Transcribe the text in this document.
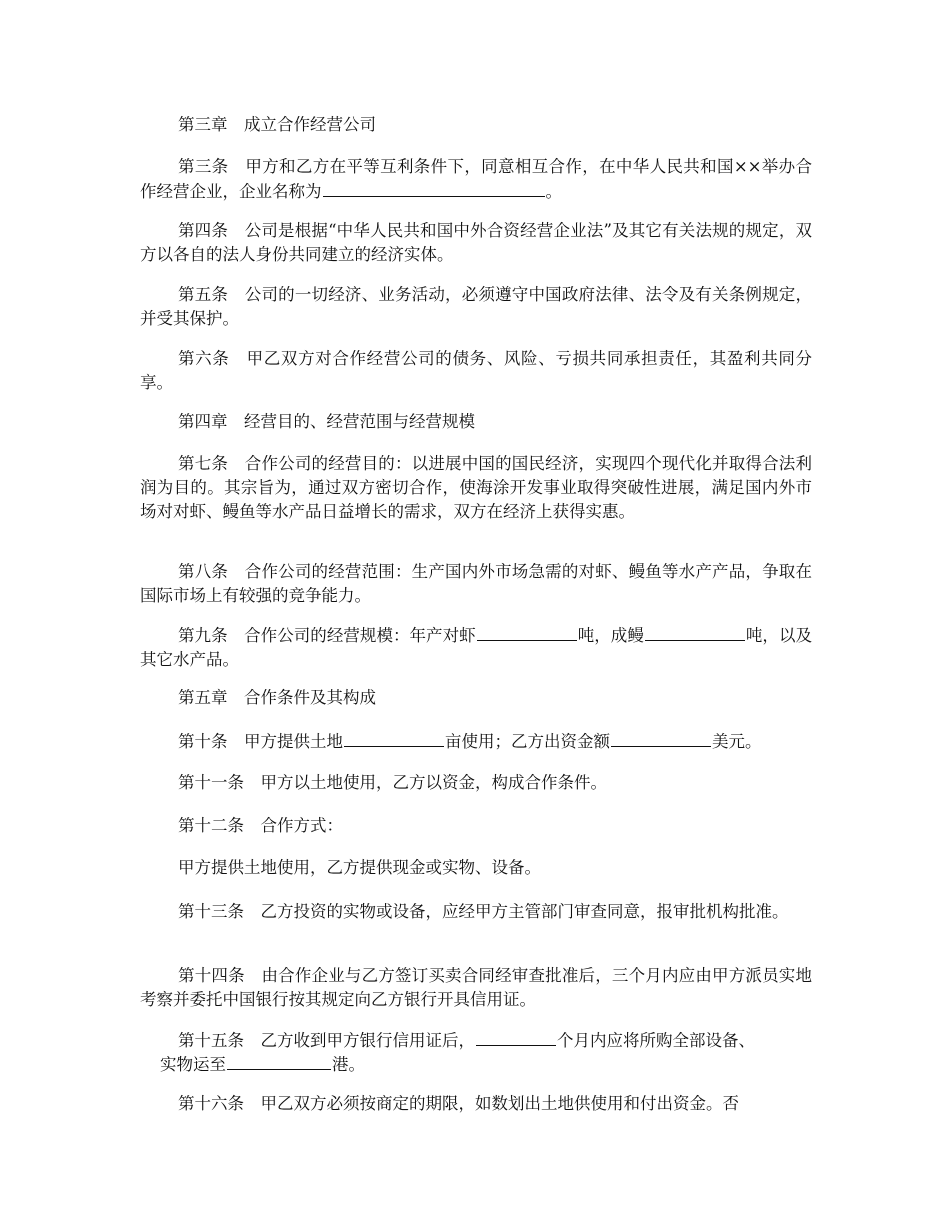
第三章　成立合作经营公司

第三条　甲方和乙方在平等互利条件下，同意相互合作，在中华人民共和国××举办合作经营企业，企业名称为	。

第四条　公司是根据“中华人民共和国中外合资经营企业法”及其它有关法规的规定，双方以各自的法人身份共同建立的经济实体。

第五条　公司的一切经济、业务活动，必须遵守中国政府法律、法令及有关条例规定，并受其保护。

第六条　甲乙双方对合作经营公司的债务、风险、亏损共同承担责任，其盈利共同分享。

第四章　经营目的、经营范围与经营规模

第七条　合作公司的经营目的：以进展中国的国民经济，实现四个现代化并取得合法利润为目的。其宗旨为，通过双方密切合作，使海涂开发事业取得突破性进展，满足国内外市场对对虾、鳗鱼等水产品日益增长的需求，双方在经济上获得实惠。

第八条　合作公司的经营范围：生产国内外市场急需的对虾、鳗鱼等水产产品，争取在国际市场上有较强的竞争能力。

第九条　合作公司的经营规模：年产对虾	吨，成鳗	吨，以及其它水产品。

第五章　合作条件及其构成

第十条　甲方提供土地	亩使用；乙方出资金额	美元。

第十一条　甲方以土地使用，乙方以资金，构成合作条件。

第十二条　合作方式：

甲方提供土地使用，乙方提供现金或实物、设备。

第十三条　乙方投资的实物或设备，应经甲方主管部门审查同意，报审批机构批准。

第十四条　由合作企业与乙方签订买卖合同经审查批准后，三个月内应由甲方派员实地考察并委托中国银行按其规定向乙方银行开具信用证。

第十五条　乙方收到甲方银行信用证后，	个月内应将所购全部设备、

实物运至	港。

第十六条　甲乙双方必须按商定的期限，如数划出土地供使用和付出资金。否
